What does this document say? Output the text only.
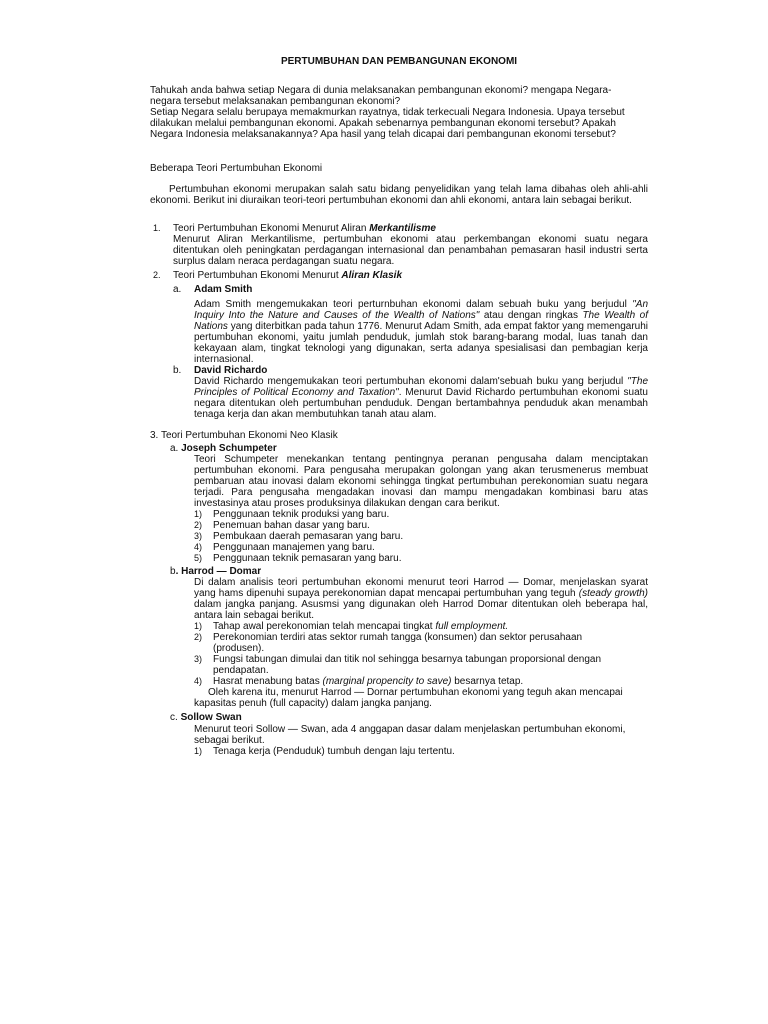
PERTUMBUHAN DAN PEMBANGUNAN EKONOMI

Tahukah anda bahwa setiap Negara di dunia melaksanakan pembangunan ekonomi? mengapa Negara-

negara tersebut melaksanakan pembangunan ekonomi?

Setiap Negara selalu berupaya memakmurkan rayatnya, tidak terkecuali Negara Indonesia. Upaya tersebut

dilakukan melalui pembangunan ekonomi. Apakah sebenarnya pembangunan ekonomi tersebut? Apakah

Negara Indonesia melaksanakannya? Apa hasil yang telah dicapai dari pembangunan ekonomi tersebut?

Beberapa Teori Pertumbuhan Ekonomi
Pertumbuhan ekonomi merupakan salah satu bidang penyelidikan yang telah lama dibahas oleh ahli-ahli ekonomi. Berikut ini diuraikan teori-teori pertumbuhan ekonomi dan ahli ekonomi, antara lain sebagai berikut.
1. Teori Pertumbuhan Ekonomi Menurut Aliran Merkantilisme
Menurut Aliran Merkantilisme, pertumbuhan ekonomi atau perkembangan ekonomi suatu negara ditentukan oleh peningkatan perdagangan internasional dan penambahan pemasaran hasil industri serta surplus dalam neraca perdagangan suatu negara.
2. Teori Pertumbuhan Ekonomi Menurut Aliran Klasik
a. Adam Smith
Adam Smith mengemukakan teori perturnbuhan ekonomi dalam sebuah buku yang berjudul "An Inquiry Into the Nature and Causes of the Wealth of Nations" atau dengan ringkas The Wealth of Nations yang diterbitkan pada tahun 1776. Menurut Adam Smith, ada empat faktor yang memengaruhi pertumbuhan ekonomi, yaitu jumlah penduduk, jumlah stok barang-barang modal, luas tanah dan kekayaan alam, tingkat teknologi yang digunakan, serta adanya spesialisasi dan pembagian kerja internasional.
b. David Richardo
David Richardo mengemukakan teori pertumbuhan ekonomi dalam'sebuah buku yang berjudul "The Principles of Political Economy and Taxation". Menurut David Richardo pertumbuhan ekonomi suatu negara ditentukan oleh pertumbuhan penduduk. Dengan bertambahnya penduduk akan menambah tenaga kerja dan akan membutuhkan tanah atau alam.
3. Teori Pertumbuhan Ekonomi Neo Klasik
a. Joseph Schumpeter
Teori Schumpeter menekankan tentang pentingnya peranan pengusaha dalam menciptakan pertumbuhan ekonomi. Para pengusaha merupakan golongan yang akan terusmenerus membuat pembaruan atau inovasi dalam ekonomi sehingga tingkat pertumbuhan perekonomian suatu negara terjadi. Para pengusaha mengadakan inovasi dan mampu mengadakan kombinasi baru atas investasinya atau proses produksinya dilakukan dengan cara berikut.
1) Penggunaan teknik produksi yang baru.
2) Penemuan bahan dasar yang baru.
3) Pembukaan daerah pemasaran yang baru.
4) Penggunaan manajemen yang baru.
5) Penggunaan teknik pemasaran yang baru.
b. Harrod — Domar
Di dalam analisis teori pertumbuhan ekonomi menurut teori Harrod — Domar, menjelaskan syarat yang hams dipenuhi supaya perekonomian dapat mencapai pertumbuhan yang teguh (steady growth) dalam jangka panjang. Asusmsi yang digunakan oleh Harrod Domar ditentukan oleh beberapa hal, antara lain sebagai berikut.
1) Tahap awal perekonomian telah mencapai tingkat full employment.
2) Perekonomian terdiri atas sektor rumah tangga (konsumen) dan sektor perusahaan
(produsen).
3) Fungsi tabungan dimulai dan titik nol sehingga besarnya tabungan proporsional dengan
pendapatan.
4) Hasrat menabung batas (marginal propencity to save) besarnya tetap.
Oleh karena itu, menurut Harrod — Dornar pertumbuhan ekonomi yang teguh akan mencapai
kapasitas penuh (full capacity) dalam jangka panjang.
c. Sollow Swan
Menurut teori Sollow — Swan, ada 4 anggapan dasar dalam menjelaskan pertumbuhan ekonomi,
sebagai berikut.
1) Tenaga kerja (Penduduk) tumbuh dengan laju tertentu.
